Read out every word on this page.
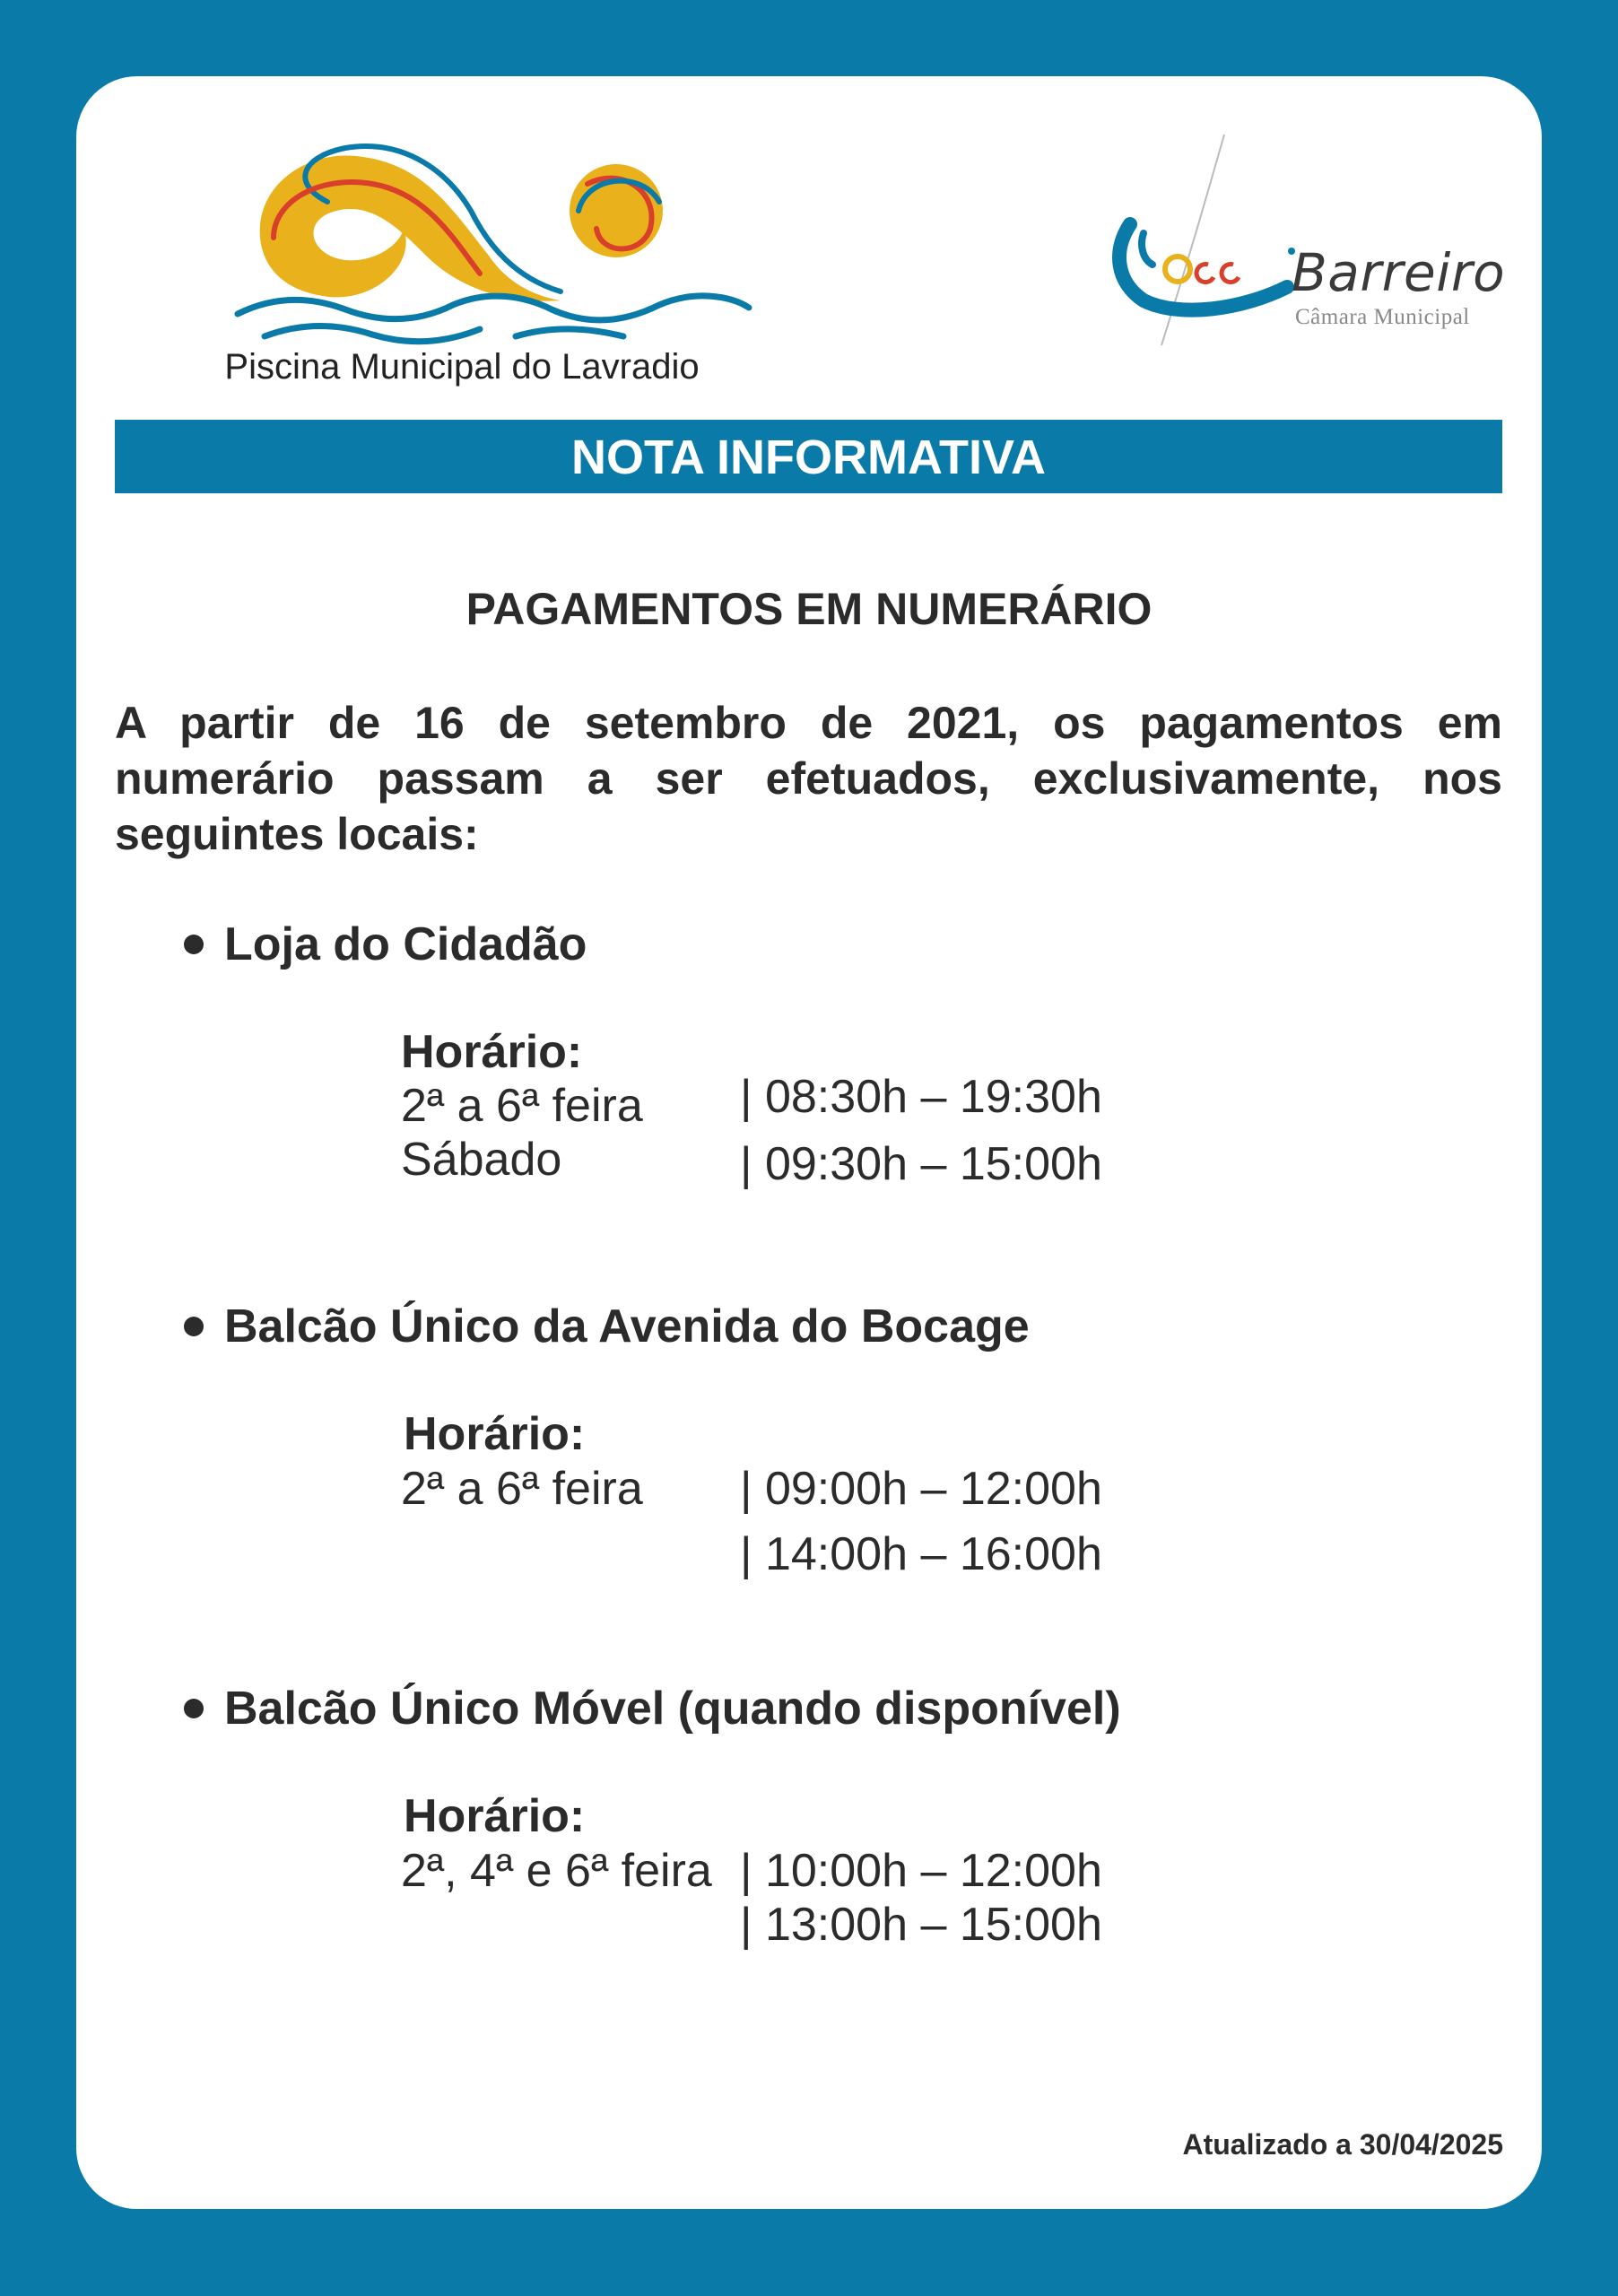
Piscina Municipal do Lavradio
Barreiro
Câmara Municipal
NOTA INFORMATIVA
PAGAMENTOS EM NUMERÁRIO
A partir de 16 de setembro de 2021, os pagamentos em
numerário passam a ser efetuados, exclusivamente, nos
seguintes locais:
Loja do Cidadão
Horário:
2ª a 6ª feira | 08:30h – 19:30h
Sábado	| 09:30h – 15:00h
Balcão Único da Avenida do Bocage
Horário:
2ª a 6ª feira | 09:00h – 12:00h
| 14:00h – 16:00h
Balcão Único Móvel (quando disponível)
Horário:
2ª, 4ª e 6ª feira | 10:00h – 12:00h
| 13:00h – 15:00h
Atualizado a 30/04/2025
